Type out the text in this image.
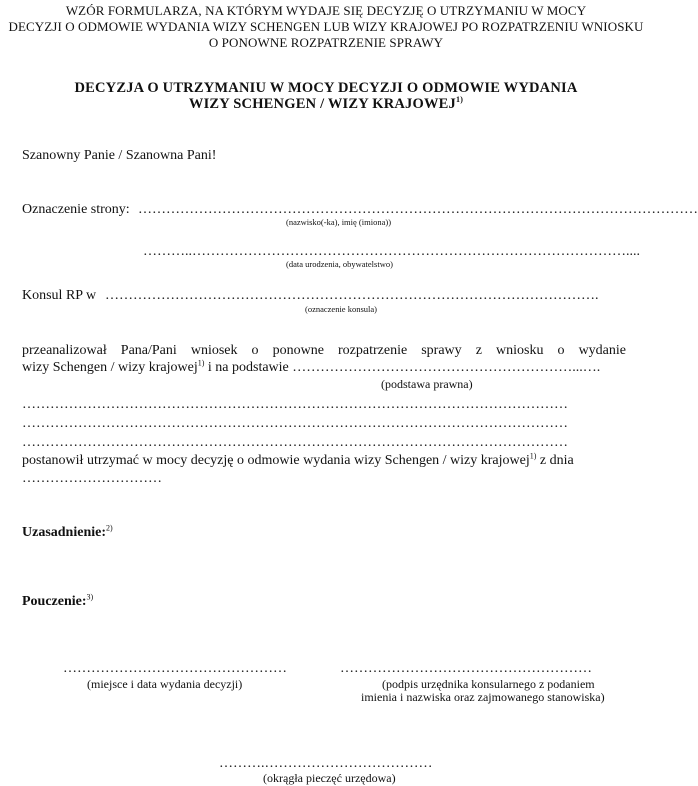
WZÓR FORMULARZA, NA KTÓRYM WYDAJE SIĘ DECYZJĘ O UTRZYMANIU W MOCY
DECYZJI O ODMOWIE WYDANIA WIZY SCHENGEN LUB WIZY KRAJOWEJ PO ROZPATRZENIU WNIOSKU
O PONOWNE ROZPATRZENIE SPRAWY
DECYZJA O UTRZYMANIU W MOCY DECYZJI O ODMOWIE WYDANIA
WIZY SCHENGEN / WIZY KRAJOWEJ$^{1)}$
Szanowny Panie / Szanowna Pani!
Oznaczenie strony: …………………………………………………………………………………………………………
(nazwisko(-ka), imię (imiona))
………..…………………………………………………………………………………....
(data urodzenia, obywatelstwo)
Konsul RP w …………………………………………………………………………………………….
(oznaczenie konsula)
przeanalizował Pana/Pani wniosek o ponowne rozpatrzenie sprawy z wniosku o wydanie
wizy Schengen / wizy krajowej$^{1)}$ i na podstawie ……………………………………………………...….
(podstawa prawna)
………………………………………………………………………………………………………
………………………………………………………………………………………………………
………………………………………………………………………………………………………
postanowił utrzymać w mocy decyzję o odmowie wydania wizy Schengen / wizy krajowej$^{1)}$ z dnia
…………………………
Uzasadnienie:$^{2)}$
Pouczenie:$^{3)}$
…………………………………………
(miejsce i data wydania decyzji)
………………………………………………
(podpis urzędnika konsularnego z podaniem
imienia i nazwiska oraz zajmowanego stanowiska)
……….………………………………
(okrągła pieczęć urzędowa)
